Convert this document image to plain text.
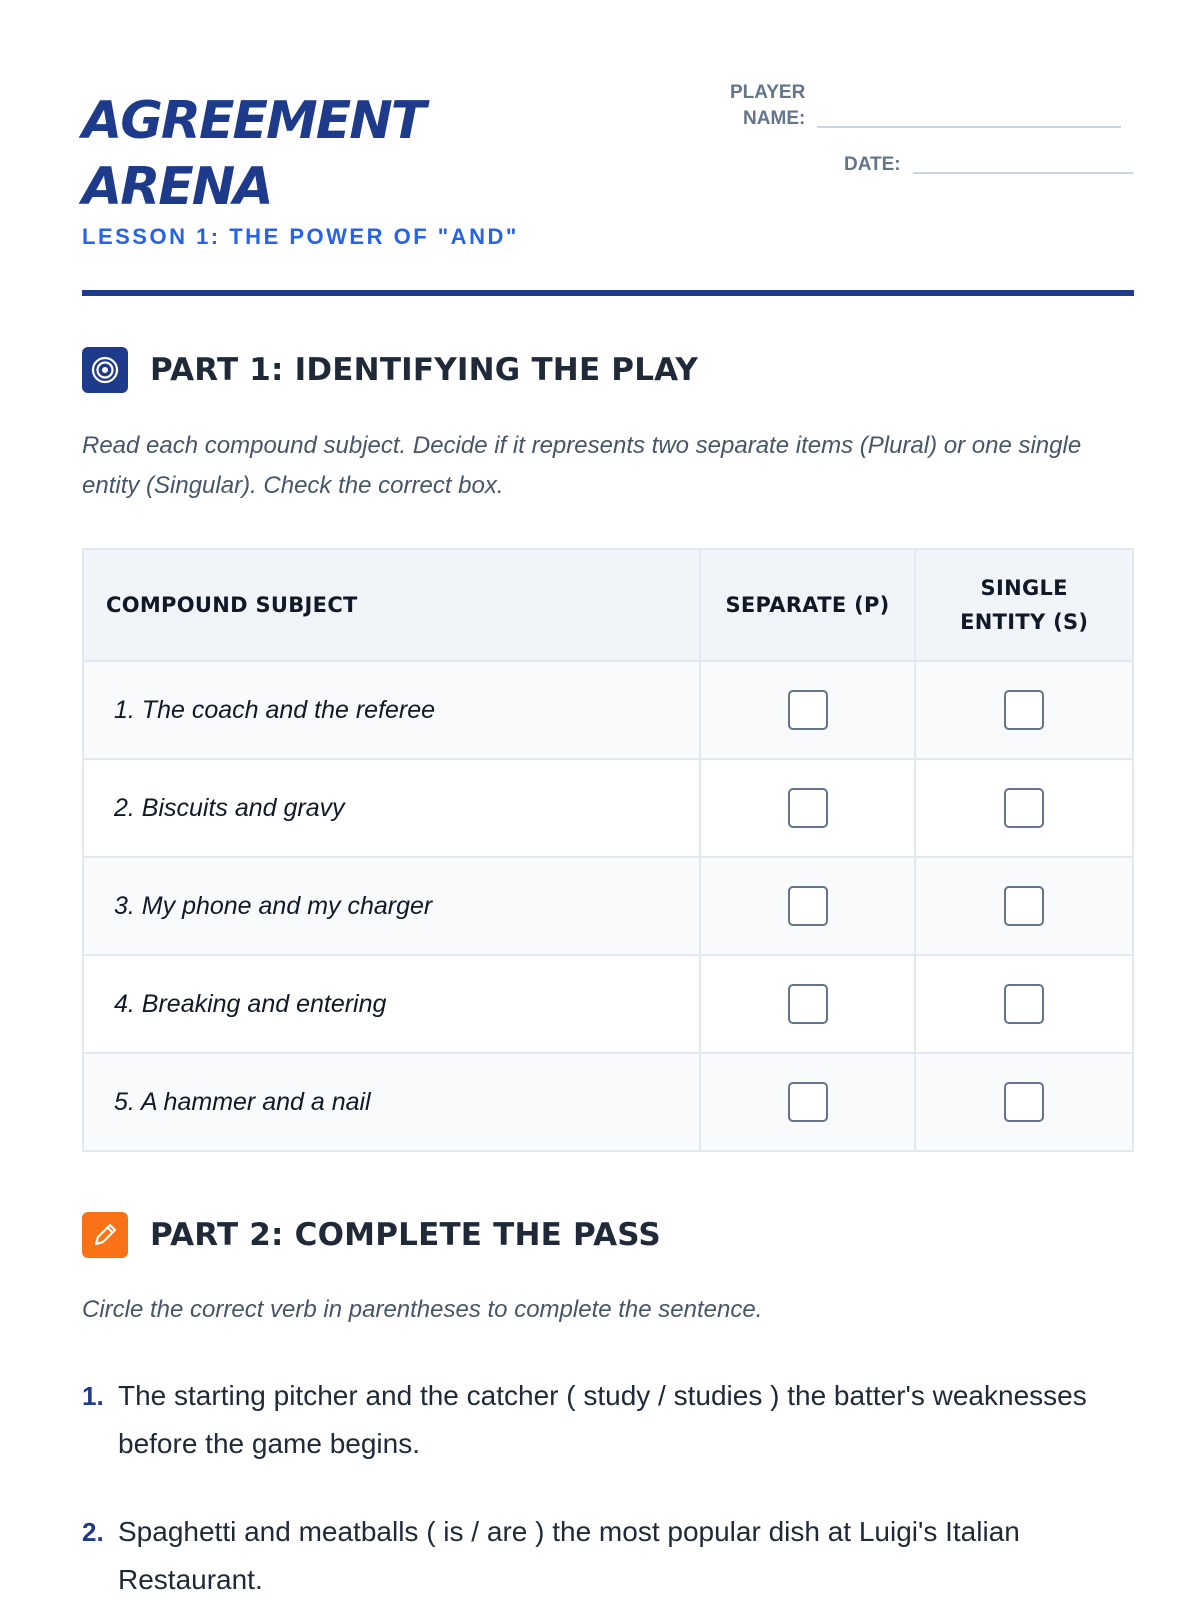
AGREEMENT
ARENA
LESSON 1: THE POWER OF "AND"
PLAYER
NAME:
DATE:
PART 1: IDENTIFYING THE PLAY
Read each compound subject. Decide if it represents two separate items (Plural) or one single entity (Singular). Check the correct box.
COMPOUND SUBJECT	SEPARATE (P)	SINGLE
ENTITY (S)

1. The coach and the referee		
2. Biscuits and gravy		
3. My phone and my charger		
4. Breaking and entering		
5. A hammer and a nail		
PART 2: COMPLETE THE PASS
Circle the correct verb in parentheses to complete the sentence.
1. The starting pitcher and the catcher ( study / studies ) the batter's weaknesses before the game begins.
2. Spaghetti and meatballs ( is / are ) the most popular dish at Luigi's Italian Restaurant.
